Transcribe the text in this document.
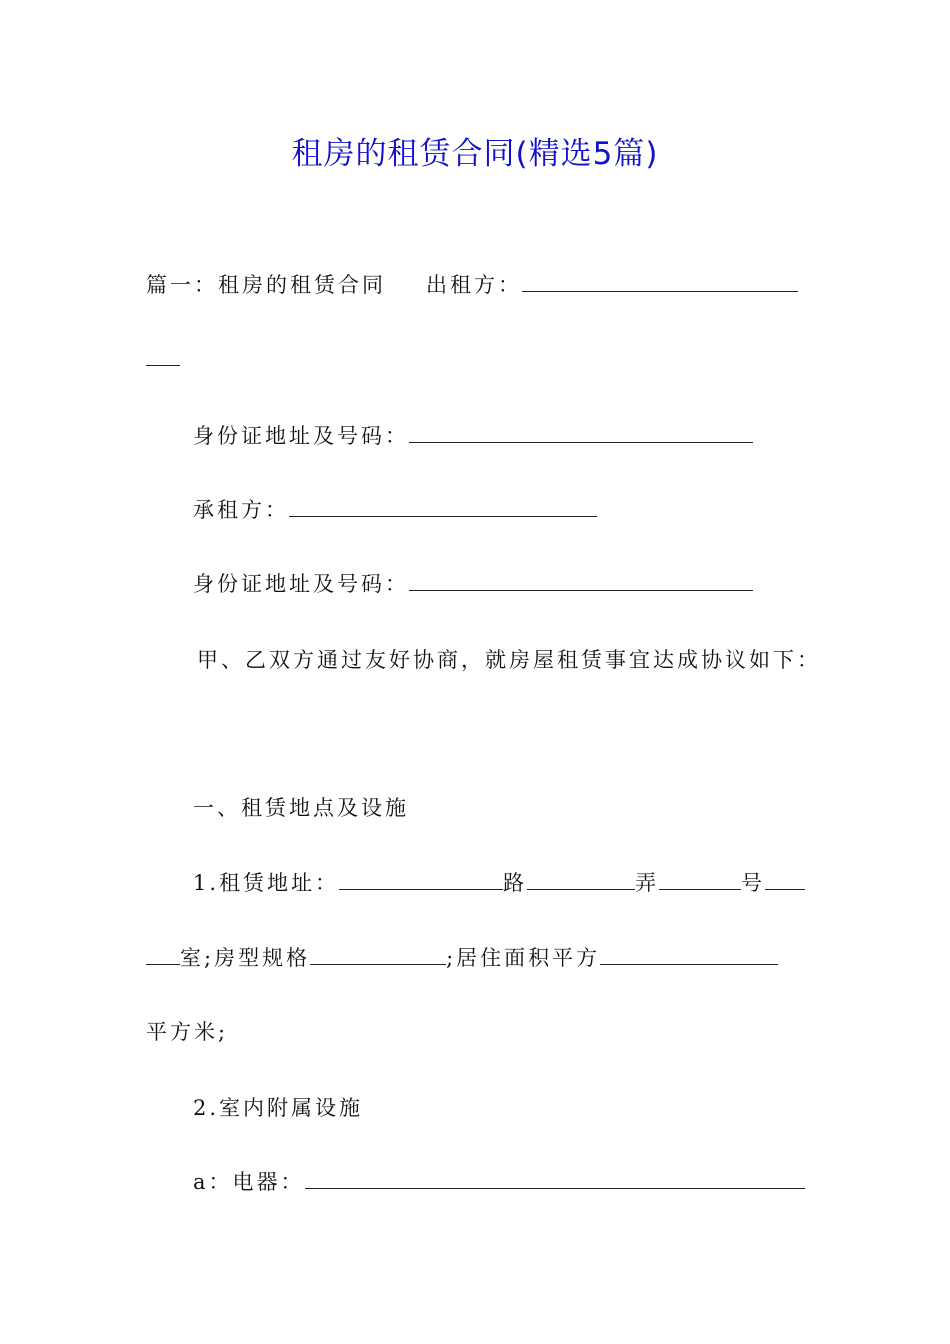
租房的租赁合同(精选5篇)
篇一：租房的租赁合同 出租方：
身份证地址及号码：
承租方：
身份证地址及号码：
甲、乙双方通过友好协商，就房屋租赁事宜达成协议如下：
一、租赁地点及设施
1.租赁地址：	路	弄	号
室;房型规格	;居住面积平方
平方米;
2.室内附属设施
a：电器：
